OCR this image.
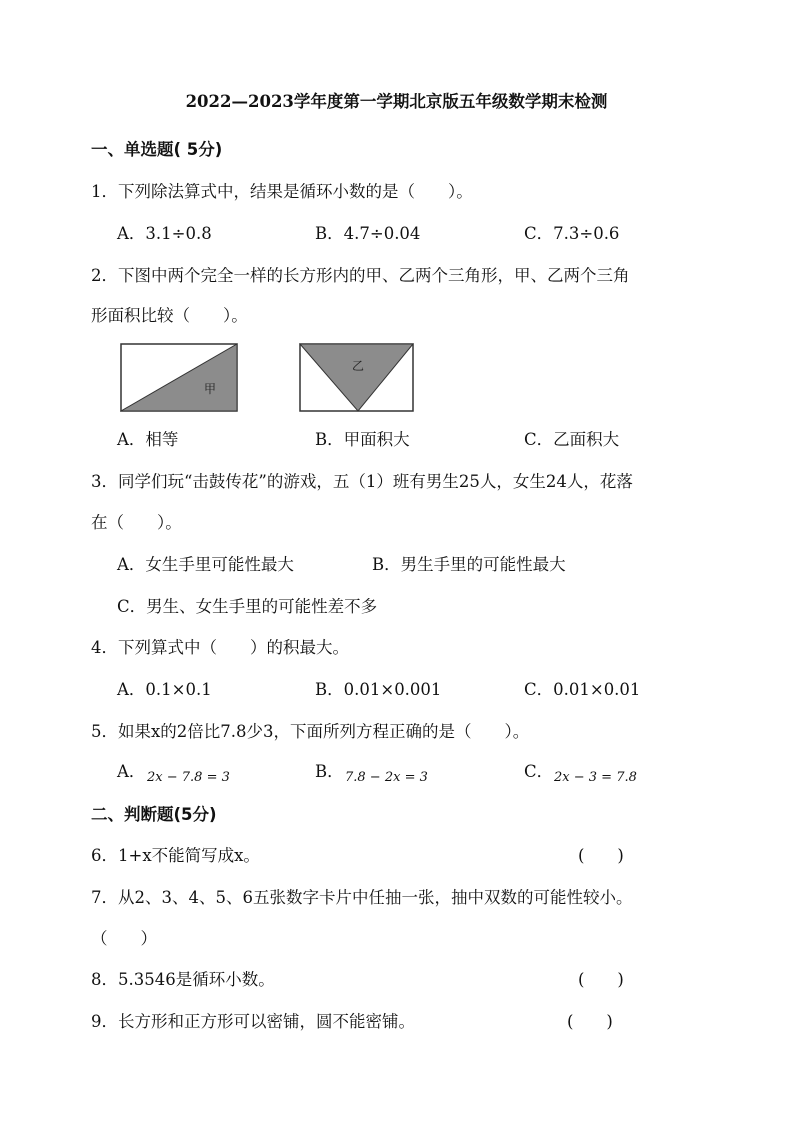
2022—2023学年度第一学期北京版五年级数学期末检测
一、单选题( 5分)
1．下列除法算式中，结果是循环小数的是（　　）。
A．3.1÷0.8	B．4.7÷0.04	C．7.3÷0.6
2．下图中两个完全一样的长方形内的甲、乙两个三角形，甲、乙两个三角
形面积比较（　　）。
甲
乙
A．相等	B．甲面积大	C．乙面积大
3．同学们玩“击鼓传花”的游戏，五（1）班有男生25人，女生24人，花落
在（　　）。
A．女生手里可能性最大	B．男生手里的可能性最大
C．男生、女生手里的可能性差不多
4．下列算式中（　　）的积最大。
A．0.1×0.1	B．0.01×0.001	C．0.01×0.01
5．如果x的2倍比7.8少3，下面所列方程正确的是（　　）。
A． 2x − 7.8 = 3	B． 7.8 − 2x = 3	C． 2x − 3 = 7.8
二、判断题(5分)
6．1+x不能简写成x。	(　　)
7．从2、3、4、5、6五张数字卡片中任抽一张，抽中双数的可能性较小。
（　　）
8．5.3546是循环小数。	(　　)
9．长方形和正方形可以密铺，圆不能密铺。	(　　)
